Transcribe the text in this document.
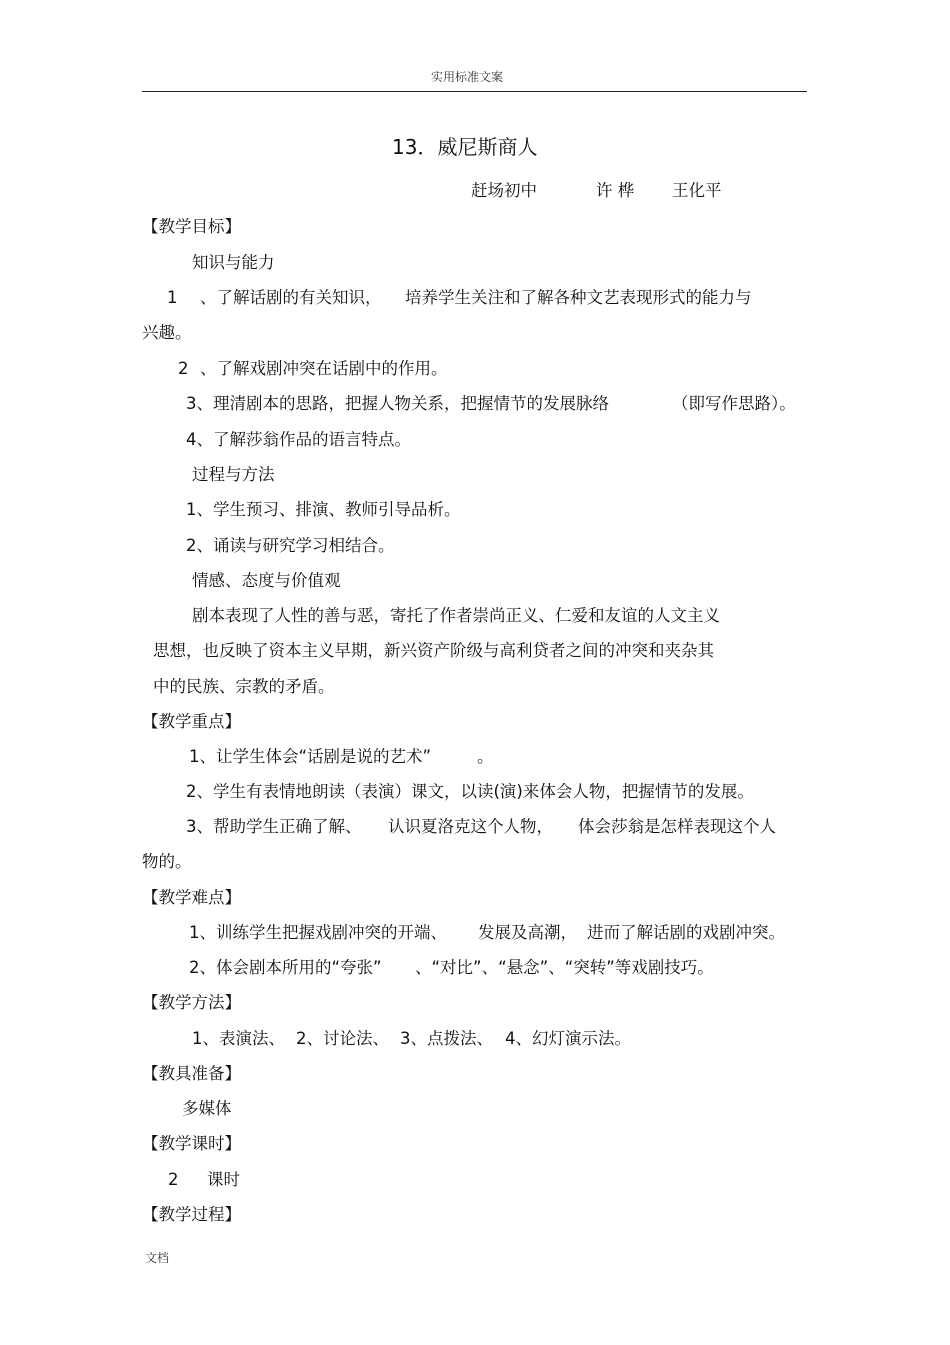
实用标准文案
13．威尼斯商人
赶场初中	许 桦 王化平
【教学目标】
知识与能力
1 、了解话剧的有关知识， 培养学生关注和了解各种文艺表现形式的能力与
兴趣。
2 、了解戏剧冲突在话剧中的作用。
3、理清剧本的思路，把握人物关系，把握情节的发展脉络	（即写作思路）。
4、了解莎翁作品的语言特点。
过程与方法
1、学生预习、排演、教师引导品析。
2、诵读与研究学习相结合。
情感、态度与价值观
剧本表现了人性的善与恶，寄托了作者崇尚正义、仁爱和友谊的人文主义
思想，也反映了资本主义早期，新兴资产阶级与高利贷者之间的冲突和夹杂其
中的民族、宗教的矛盾。
【教学重点】
1、让学生体会“话剧是说的艺术”	。
2、学生有表情地朗读（表演）课文，以读(演)来体会人物，把握情节的发展。
3、帮助学生正确了解、 认识夏洛克这个人物， 体会莎翁是怎样表现这个人
物的。
【教学难点】
1、训练学生把握戏剧冲突的开端、 发展及高潮， 进而了解话剧的戏剧冲突。
2、体会剧本所用的“夸张” 、“对比”、“悬念”、“突转”等戏剧技巧。
【教学方法】
1、表演法、 2、讨论法、 3、点拨法、 4、幻灯演示法。
【教具准备】
多媒体
【教学课时】
2 课时
【教学过程】
文档
